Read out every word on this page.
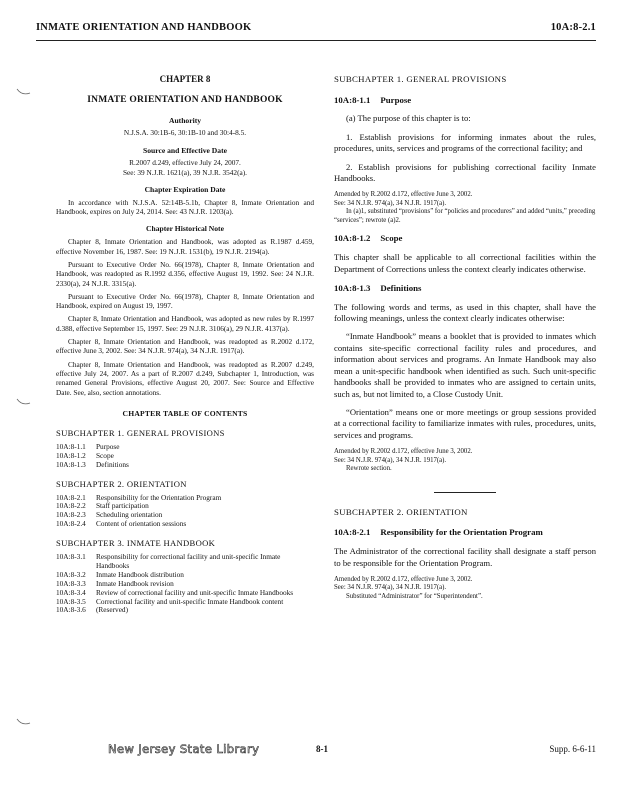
INMATE ORIENTATION AND HANDBOOK	10A:8-2.1
CHAPTER 8
INMATE ORIENTATION AND HANDBOOK
Authority
N.J.S.A. 30:1B-6, 30:1B-10 and 30:4-8.5.
Source and Effective Date
R.2007 d.249, effective July 24, 2007.
See: 39 N.J.R. 1621(a), 39 N.J.R. 3542(a).
Chapter Expiration Date

In accordance with N.J.S.A. 52:14B-5.1b, Chapter 8, Inmate Orientation and Handbook, expires on July 24, 2014. See: 43 N.J.R. 1203(a).

Chapter Historical Note

Chapter 8, Inmate Orientation and Handbook, was adopted as R.1987 d.459, effective November 16, 1987. See: 19 N.J.R. 1531(b), 19 N.J.R. 2194(a).

Pursuant to Executive Order No. 66(1978), Chapter 8, Inmate Orientation and Handbook, was readopted as R.1992 d.356, effective August 19, 1992. See: 24 N.J.R. 2330(a), 24 N.J.R. 3315(a).

Pursuant to Executive Order No. 66(1978), Chapter 8, Inmate Orientation and Handbook, expired on August 19, 1997.

Chapter 8, Inmate Orientation and Handbook, was adopted as new rules by R.1997 d.388, effective September 15, 1997. See: 29 N.J.R. 3106(a), 29 N.J.R. 4137(a).

Chapter 8, Inmate Orientation and Handbook, was readopted as R.2002 d.172, effective June 3, 2002. See: 34 N.J.R. 974(a), 34 N.J.R. 1917(a).

Chapter 8, Inmate Orientation and Handbook, was readopted as R.2007 d.249, effective July 24, 2007. As a part of R.2007 d.249, Subchapter 1, Introduction, was renamed General Provisions, effective August 20, 2007. See: Source and Effective Date. See, also, section annotations.

CHAPTER TABLE OF CONTENTS
SUBCHAPTER 1. GENERAL PROVISIONS
10A:8-1.1	Purpose
10A:8-1.2	Scope
10A:8-1.3	Definitions
SUBCHAPTER 2. ORIENTATION
10A:8-2.1	Responsibility for the Orientation Program
10A:8-2.2	Staff participation
10A:8-2.3	Scheduling orientation
10A:8-2.4	Content of orientation sessions
SUBCHAPTER 3. INMATE HANDBOOK
10A:8-3.1	Responsibility for correctional facility and unit-specific Inmate Handbooks
10A:8-3.2	Inmate Handbook distribution
10A:8-3.3	Inmate Handbook revision
10A:8-3.4	Review of correctional facility and unit-specific Inmate Handbooks
10A:8-3.5	Correctional facility and unit-specific Inmate Handbook content
10A:8-3.6	(Reserved)
SUBCHAPTER 1. GENERAL PROVISIONS
10A:8-1.1 Purpose

(a) The purpose of this chapter is to:

1. Establish provisions for informing inmates about the rules, procedures, units, services and programs of the correctional facility; and

2. Establish provisions for publishing correctional facility Inmate Handbooks.

Amended by R.2002 d.172, effective June 3, 2002.
See: 34 N.J.R. 974(a), 34 N.J.R. 1917(a).
In (a)1, substituted “provisions” for “policies and procedures” and added “units,” preceding “services”; rewrote (a)2.
10A:8-1.2 Scope

This chapter shall be applicable to all correctional facilities within the Department of Corrections unless the context clearly indicates otherwise.

10A:8-1.3 Definitions

The following words and terms, as used in this chapter, shall have the following meanings, unless the context clearly indicates otherwise:

“Inmate Handbook” means a booklet that is provided to inmates which contains site-specific correctional facility rules and procedures, and information about services and programs. An Inmate Handbook may also mean a unit-specific handbook when identified as such. Such unit-specific handbooks shall be provided to inmates who are assigned to certain units, such as, but not limited to, a Close Custody Unit.

“Orientation” means one or more meetings or group sessions provided at a correctional facility to familiarize inmates with rules, procedures, units, services and programs.

Amended by R.2002 d.172, effective June 3, 2002.
See: 34 N.J.R. 974(a), 34 N.J.R. 1917(a).
Rewrote section.
SUBCHAPTER 2. ORIENTATION
10A:8-2.1 Responsibility for the Orientation Program

The Administrator of the correctional facility shall designate a staff person to be responsible for the Orientation Program.

Amended by R.2002 d.172, effective June 3, 2002.
See: 34 N.J.R. 974(a), 34 N.J.R. 1917(a).
Substituted “Administrator” for “Superintendent”.
New Jersey State Library	8-1	Supp. 6-6-11
